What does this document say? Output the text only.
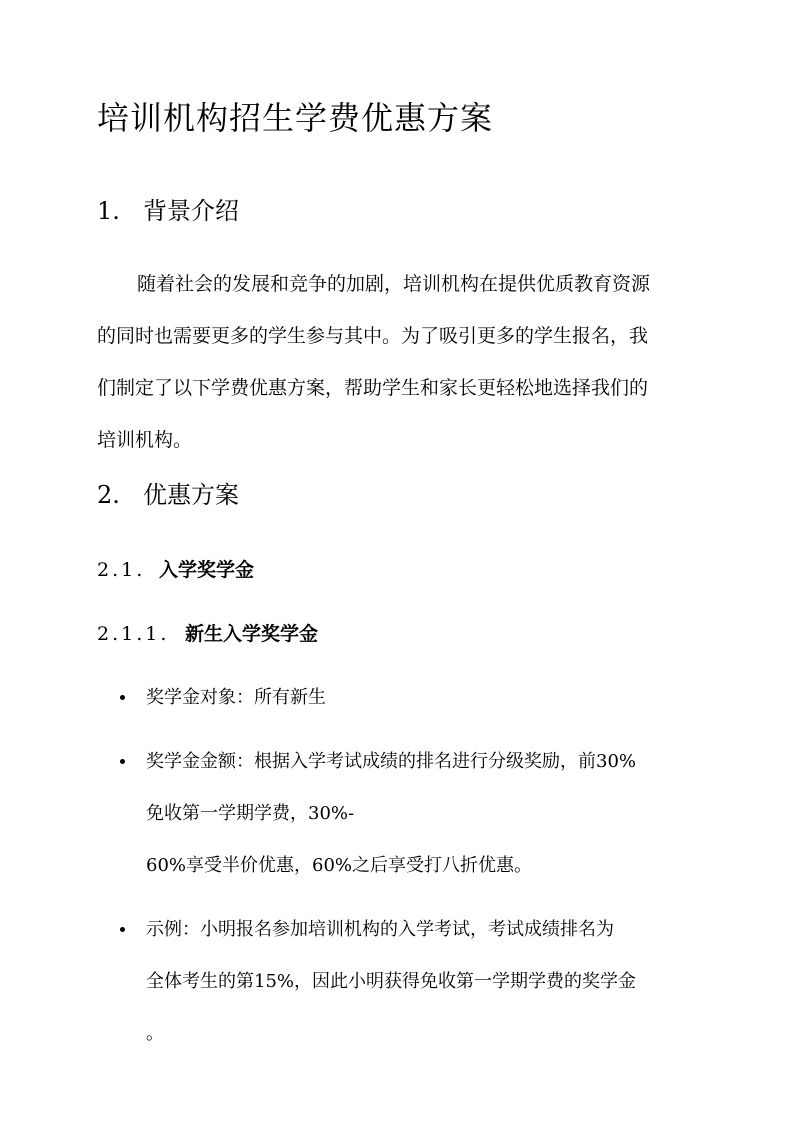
培训机构招生学费优惠方案
1. 背景介绍
随着社会的发展和竞争的加剧，培训机构在提供优质教育资源
的同时也需要更多的学生参与其中。为了吸引更多的学生报名，我
们制定了以下学费优惠方案，帮助学生和家长更轻松地选择我们的
培训机构。
2. 优惠方案
2.1. 入学奖学金
2.1.1. 新生入学奖学金
奖学金对象：所有新生
奖学金金额：根据入学考试成绩的排名进行分级奖励，前30%
免收第一学期学费，30%-
60%享受半价优惠，60%之后享受打八折优惠。
示例：小明报名参加培训机构的入学考试，考试成绩排名为
全体考生的第15%，因此小明获得免收第一学期学费的奖学金
。
